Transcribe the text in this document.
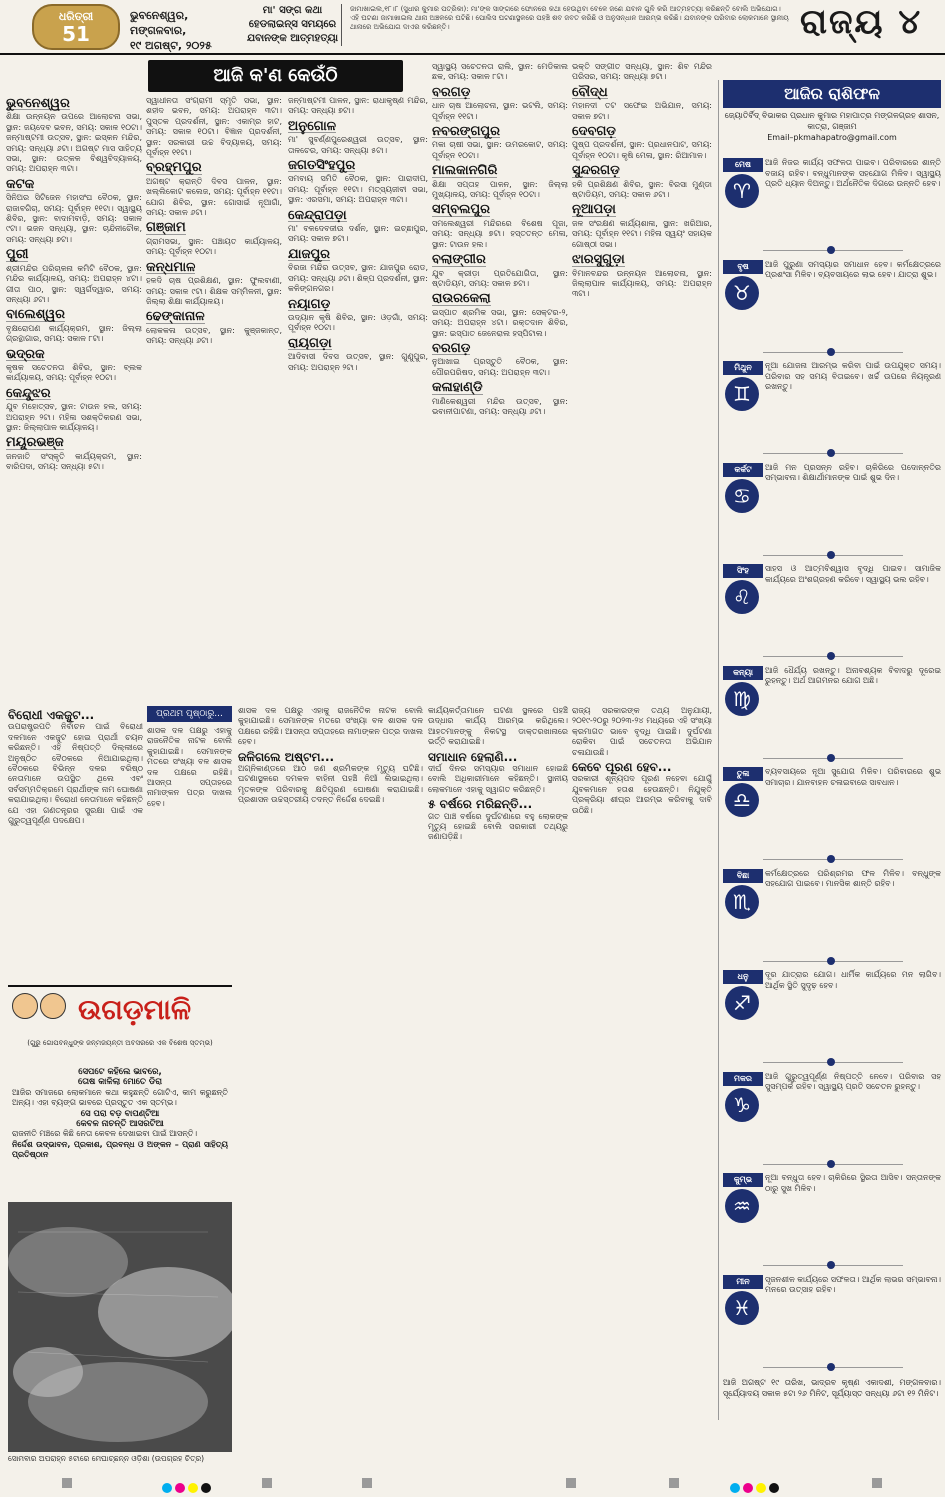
ଧରିତ୍ରୀ
51
ଭୁବନେଶ୍ୱର, ମଙ୍ଗଳବାର,
୧୯ ଅଗଷ୍ଟ, ୨୦୨୫
ମା' ସଙ୍ଗ କଥା
ହେଡଲାଇନ୍ସ ସମୟରେ
ଯବାନଙ୍କ ଆତ୍ମହତ୍ୟା
ଜାମାଖାଇଲ,୧୮।୮ (ସୁଧୀର କୁମାର ପତ୍ରିକା): ମା'ଙ୍କ ସାଙ୍ଗରେ ଫୋନରେ କଥା ହେଉଥିବା ବେଳେ ଜଣେ ଯବାନ ଗୁଳି କରି ଆତ୍ମହତ୍ୟା କରିଛନ୍ତି ବୋଲି ଅଭିଯୋଗ। ଏହି ଘଟଣା ଜାମାଖାଇଲ ଥାନା ଅଞ୍ଚଳରେ ଘଟିଛି। ପୋଲିସ ଘଟଣାସ୍ଥଳରେ ପହଞ୍ଚି ଶବ ଜବତ କରିଛି ଓ ଅନୁସନ୍ଧାନ ଆରମ୍ଭ କରିଛି। ଯବାନଙ୍କ ପରିବାର ଲୋକମାନେ ସ୍ଥାନୀୟ ଥାନାରେ ଅଭିଯୋଗ ଦାଏର କରିଛନ୍ତି।	ରାଜ୍ୟ ୪
ଆଜି କ'ଣ କେଉଁଠି
ଭୁବନେଶ୍ୱର

ଶିକ୍ଷା ଉନ୍ନୟନ ଉପରେ ଆଲୋଚନା ସଭା, ସ୍ଥାନ: ଜୟଦେବ ଭବନ, ସମୟ: ସକାଳ ୧୦ଟା। ଜନ୍ମାଷ୍ଟମୀ ଉତ୍ସବ, ସ୍ଥାନ: ଇସ୍କନ ମନ୍ଦିର, ସମୟ: ସନ୍ଧ୍ୟା ୬ଟା। ଅଗଷ୍ଟ ମାସ ସାହିତ୍ୟ ସଭା, ସ୍ଥାନ: ଉତ୍କଳ ବିଶ୍ୱବିଦ୍ୟାଳୟ, ସମୟ: ଅପରାହ୍ନ ୩ଟା।

କଟକ

ସିନିଅର ସିଟିଜେନ ମହାସଂଘ ବୈଠକ, ସ୍ଥାନ: ରାଜାବଗିଚା, ସମୟ: ପୂର୍ବାହ୍ନ ୧୧ଟା। ସ୍ୱାସ୍ଥ୍ୟ ଶିବିର, ସ୍ଥାନ: ବାଦାମବାଡ଼ି, ସମୟ: ସକାଳ ୯ଟା। ଭଜନ ସନ୍ଧ୍ୟା, ସ୍ଥାନ: ଚାନ୍ଦିନୀଚୌକ, ସମୟ: ସନ୍ଧ୍ୟା ୭ଟା।

ପୁରୀ

ଶ୍ରୀମନ୍ଦିର ପରିଚାଳନା କମିଟି ବୈଠକ, ସ୍ଥାନ: ମନ୍ଦିର କାର୍ଯ୍ୟାଳୟ, ସମୟ: ଅପରାହ୍ନ ୪ଟା। ଗୀତା ପାଠ, ସ୍ଥାନ: ସ୍ୱର୍ଗଦ୍ୱାର, ସମୟ: ସନ୍ଧ୍ୟା ୬ଟା।

ବାଲେଶ୍ୱର

ବୃକ୍ଷରୋପଣ କାର୍ଯ୍ୟକ୍ରମ, ସ୍ଥାନ: ଜିଲ୍ଲା ଗ୍ରନ୍ଥାଗାର, ସମୟ: ସକାଳ ୮ଟା।

ଭଦ୍ରକ

କୃଷକ ସଚେତନତା ଶିବିର, ସ୍ଥାନ: ବ୍ଲକ କାର୍ଯ୍ୟାଳୟ, ସମୟ: ପୂର୍ବାହ୍ନ ୧୦ଟା।

କେନ୍ଦୁଝର

ଯୁବ ମହୋତ୍ସବ, ସ୍ଥାନ: ଟାଉନ ହଲ, ସମୟ: ଅପରାହ୍ନ ୨ଟା। ମହିଳା ସଶକ୍ତିକରଣ ସଭା, ସ୍ଥାନ: ଜିଲ୍ଲାପାଳ କାର୍ଯ୍ୟାଳୟ।

ମୟୂରଭଞ୍ଜ

ଜନଜାତି ସଂସ୍କୃତି କାର୍ଯ୍ୟକ୍ରମ, ସ୍ଥାନ: ବାରିପଦା, ସମୟ: ସନ୍ଧ୍ୟା ୫ଟା।

ସ୍ୱାଧୀନତା ସଂଗ୍ରାମୀ ସ୍ମୃତି ସଭା, ସ୍ଥାନ: ଶହୀଦ ଭବନ, ସମୟ: ଅପରାହ୍ନ ୩ଟା। ପୁସ୍ତକ ପ୍ରଦର୍ଶନୀ, ସ୍ଥାନ: ଏକାମ୍ର ହାଟ, ସମୟ: ସକାଳ ୧୦ଟା। ବିଜ୍ଞାନ ପ୍ରଦର୍ଶନୀ, ସ୍ଥାନ: ସରକାରୀ ଉଚ୍ଚ ବିଦ୍ୟାଳୟ, ସମୟ: ପୂର୍ବାହ୍ନ ୧୧ଟା।

ବ୍ରହ୍ମପୁର

ଅଗଷ୍ଟ କ୍ରାନ୍ତି ଦିବସ ପାଳନ, ସ୍ଥାନ: ଖଲ୍ଲିକୋଟ କଲେଜ, ସମୟ: ପୂର୍ବାହ୍ନ ୧୧ଟା। ଯୋଗ ଶିବିର, ସ୍ଥାନ: ଗୋସାଇଁ ନୂଆଗାଁ, ସମୟ: ସକାଳ ୬ଟା।

ଗଞ୍ଜାମ

ଗ୍ରାମସଭା, ସ୍ଥାନ: ପଞ୍ଚାୟତ କାର୍ଯ୍ୟାଳୟ, ସମୟ: ପୂର୍ବାହ୍ନ ୧୦ଟା।

କନ୍ଧମାଳ

ହଳଦି ଚାଷ ପ୍ରଶିକ୍ଷଣ, ସ୍ଥାନ: ଫୁଲବାଣୀ, ସମୟ: ସକାଳ ୯ଟା। ଶିକ୍ଷକ ସମ୍ମିଳନୀ, ସ୍ଥାନ: ଜିଲ୍ଲା ଶିକ୍ଷା କାର୍ଯ୍ୟାଳୟ।

ଢେଙ୍କାନାଳ

ଲୋକକଳା ଉତ୍ସବ, ସ୍ଥାନ: କୁଞ୍ଜକାନ୍ତ, ସମୟ: ସନ୍ଧ୍ୟା ୬ଟା।

ଜନ୍ମାଷ୍ଟମୀ ପାଳନ, ସ୍ଥାନ: ରାଧାକୃଷ୍ଣ ମନ୍ଦିର, ସମୟ: ସନ୍ଧ୍ୟା ୭ଟା।

ଅନୁଗୋଳ

ମା' ସୁବର୍ଣ୍ଣପୁରେଶ୍ୱରୀ ଉତ୍ସବ, ସ୍ଥାନ: ତାଳଚେର, ସମୟ: ସନ୍ଧ୍ୟା ୫ଟା।

ଜଗତସିଂହପୁର

ସମବାୟ ସମିତି ବୈଠକ, ସ୍ଥାନ: ପାରାଦୀପ, ସମୟ: ପୂର୍ବାହ୍ନ ୧୧ଟା। ମତ୍ସ୍ୟଜୀବୀ ସଭା, ସ୍ଥାନ: ଏରସମା, ସମୟ: ଅପରାହ୍ନ ୩ଟା।

କେନ୍ଦ୍ରାପଡ଼ା

ମା' ବଳଦେବଜୀଉ ଦର୍ଶନ, ସ୍ଥାନ: ଇଚ୍ଛାପୁର, ସମୟ: ସକାଳ ୭ଟା।

ଯାଜପୁର

ବିରଜା ମନ୍ଦିର ଉତ୍ସବ, ସ୍ଥାନ: ଯାଜପୁର ରୋଡ, ସମୟ: ସନ୍ଧ୍ୟା ୬ଟା। ଶିଳ୍ପ ପ୍ରଦର୍ଶନୀ, ସ୍ଥାନ: କଳିଙ୍ଗନଗର।

ନୟାଗଡ଼

ଉଦ୍ୟାନ କୃଷି ଶିବିର, ସ୍ଥାନ: ଓଡ଼଼ଗାଁ, ସମୟ: ପୂର୍ବାହ୍ନ ୧୦ଟା।

ରାୟଗଡ଼ା

ଆଦିବାସୀ ଦିବସ ଉତ୍ସବ, ସ୍ଥାନ: ଗୁଣୁପୁର, ସମୟ: ଅପରାହ୍ନ ୨ଟା।

ସ୍ୱାସ୍ଥ୍ୟ ସଚେତନତା ରାଲି, ସ୍ଥାନ: ମେଡିକାଲ ଛକ, ସମୟ: ସକାଳ ୮ଟା।

ବରଗଡ଼

ଧାନ ଚାଷ ଆଲୋଚନା, ସ୍ଥାନ: ଭଟଲି, ସମୟ: ପୂର୍ବାହ୍ନ ୧୧ଟା।

ନବରଙ୍ଗପୁର

ମକା ଚାଷୀ ସଭା, ସ୍ଥାନ: ଉମରକୋଟ, ସମୟ: ପୂର୍ବାହ୍ନ ୧୦ଟା।

ମାଲକାନଗିରି

ଶିକ୍ଷା ସପ୍ତାହ ପାଳନ, ସ୍ଥାନ: ଜିଲ୍ଲା ମୁଖ୍ୟାଳୟ, ସମୟ: ପୂର୍ବାହ୍ନ ୧୦ଟା।

ସମ୍ବଲପୁର

ସମଲେଶ୍ୱରୀ ମନ୍ଦିରରେ ବିଶେଷ ପୂଜା, ସମୟ: ସନ୍ଧ୍ୟା ୭ଟା। ହସ୍ତତନ୍ତ ମେଳା, ସ୍ଥାନ: ଟାଉନ ହଲ।

ବଲାଙ୍ଗୀର

ଯୁବ କ୍ରୀଡ଼ା ପ୍ରତିଯୋଗିତା, ସ୍ଥାନ: ଷ୍ଟାଡିୟମ, ସମୟ: ସକାଳ ୭ଟା।

ରାଉରକେଲା

ଇସ୍ପାତ ଶ୍ରମିକ ସଭା, ସ୍ଥାନ: ସେକ୍ଟର-୨, ସମୟ: ଅପରାହ୍ନ ୪ଟା। ରକ୍ତଦାନ ଶିବିର, ସ୍ଥାନ: ଇସ୍ପାତ ଜେନେରାଲ ହସ୍ପିଟାଲ।

ବରଗଡ଼

ନୁଆଖାଇ ପ୍ରସ୍ତୁତି ବୈଠକ, ସ୍ଥାନ: ପୌରପରିଷଦ, ସମୟ: ଅପରାହ୍ନ ୩ଟା।

କଳାହାଣ୍ଡି

ମାଣିକେଶ୍ୱରୀ ମନ୍ଦିର ଉତ୍ସବ, ସ୍ଥାନ: ଭବାନୀପାଟଣା, ସମୟ: ସନ୍ଧ୍ୟା ୬ଟା।

ଭକ୍ତି ସଙ୍ଗୀତ ସନ୍ଧ୍ୟା, ସ୍ଥାନ: ଶିବ ମନ୍ଦିର ପରିସର, ସମୟ: ସନ୍ଧ୍ୟା ୭ଟା।

ବୌଦ୍ଧ

ମହାନଦୀ ତଟ ସଫେଇ ଅଭିଯାନ, ସମୟ: ସକାଳ ୭ଟା।

ଦେବଗଡ଼

ପୁଷ୍ପ ପ୍ରଦର୍ଶନୀ, ସ୍ଥାନ: ପ୍ରଧାନପାଟ, ସମୟ: ପୂର୍ବାହ୍ନ ୧୦ଟା। କୃଷି ମେଳା, ସ୍ଥାନ: ରିଆମାଳ।

ସୁନ୍ଦରଗଡ଼

ହକି ପ୍ରଶିକ୍ଷଣ ଶିବିର, ସ୍ଥାନ: ବିରସା ମୁଣ୍ଡା ଷ୍ଟାଡିୟମ, ସମୟ: ସକାଳ ୬ଟା।

ନୂଆପଡ଼ା

ଜଳ ସଂରକ୍ଷଣ କାର୍ଯ୍ୟଶାଳା, ସ୍ଥାନ: ଖରିଆର, ସମୟ: ପୂର୍ବାହ୍ନ ୧୧ଟା। ମହିଳା ସ୍ୱୟଂ ସହାୟକ ଗୋଷ୍ଠୀ ସଭା।

ଝାରସୁଗୁଡ଼ା

ବିମାନବନ୍ଦର ଉନ୍ନୟନ ଆଲୋଚନା, ସ୍ଥାନ: ଜିଲ୍ଲାପାଳ କାର୍ଯ୍ୟାଳୟ, ସମୟ: ଅପରାହ୍ନ ୩ଟା।

ଆଜିର ରାଶିଫଳ
ଜ୍ୟୋତିର୍ବିଦ୍ ବିଭାକର ପ୍ରଧାନ କୁମାର ମହାପାତ୍ର ମଙ୍ଗଳଗ୍ରହ ଶାସନ, କାତ୍ରା, ଗଞ୍ଜାମ
Email–pkmahapatro@gmail.com
ମେଷ
♈
ଆଜି ନିଜର କାର୍ଯ୍ୟ ସଫଳତା ପାଇବ। ପରିବାରରେ ଶାନ୍ତି ବଜାୟ ରହିବ। ବନ୍ଧୁମାନଙ୍କ ସହଯୋଗ ମିଳିବ। ସ୍ୱାସ୍ଥ୍ୟ ପ୍ରତି ଧ୍ୟାନ ଦିଅନ୍ତୁ। ଅର୍ଥନୈତିକ ଦିଗରେ ଉନ୍ନତି ହେବ।
ବୃଷ
♉
ଆଜି ପୁରୁଣା ସମସ୍ୟାର ସମାଧାନ ହେବ। କର୍ମକ୍ଷେତ୍ରରେ ପ୍ରଶଂସା ମିଳିବ। ବ୍ୟବସାୟରେ ଲାଭ ହେବ। ଯାତ୍ରା ଶୁଭ।
ମିଥୁନ
♊
ନୂଆ ଯୋଜନା ଆରମ୍ଭ କରିବା ପାଇଁ ଉପଯୁକ୍ତ ସମୟ। ପରିବାର ସହ ସମୟ ବିତାଇବେ। ଖର୍ଚ୍ଚ ଉପରେ ନିୟନ୍ତ୍ରଣ ରଖନ୍ତୁ।
କର୍କଟ
♋
ଆଜି ମନ ପ୍ରସନ୍ନ ରହିବ। ଚାକିରିରେ ପଦୋନ୍ନତିର ସମ୍ଭାବନା। ଶିକ୍ଷାର୍ଥୀମାନଙ୍କ ପାଇଁ ଶୁଭ ଦିନ।
ସିଂହ
♌
ସାହସ ଓ ଆତ୍ମବିଶ୍ୱାସ ବୃଦ୍ଧି ପାଇବ। ସାମାଜିକ କାର୍ଯ୍ୟରେ ଅଂଶଗ୍ରହଣ କରିବେ। ସ୍ୱାସ୍ଥ୍ୟ ଭଲ ରହିବ।
କନ୍ୟା
♍
ଆଜି ଧୈର୍ଯ୍ୟ ରଖନ୍ତୁ। ଅନାବଶ୍ୟକ ବିବାଦରୁ ଦୂରେଇ ରୁହନ୍ତୁ। ଅର୍ଥ ଆଗମନର ଯୋଗ ଅଛି।
ତୁଳା
♎
ବ୍ୟବସାୟରେ ନୂଆ ସୁଯୋଗ ମିଳିବ। ପରିବାରରେ ଶୁଭ ସମାଚାର। ଯାନବାହନ ଚଳାଇବାରେ ସାବଧାନ।
ବିଛା
♏
କର୍ମକ୍ଷେତ୍ରରେ ପରିଶ୍ରମର ଫଳ ମିଳିବ। ବନ୍ଧୁଙ୍କ ସହଯୋଗ ପାଇବେ। ମାନସିକ ଶାନ୍ତି ରହିବ।
ଧନୁ
♐
ଦୂର ଯାତ୍ରାର ଯୋଗ। ଧାର୍ମିକ କାର୍ଯ୍ୟରେ ମନ ଲାଗିବ। ଆର୍ଥିକ ସ୍ଥିତି ସୁଦୃଢ଼ ହେବ।
ମକର
♑
ଆଜି ଗୁରୁତ୍ୱପୂର୍ଣ୍ଣ ନିଷ୍ପତ୍ତି ନେବେ। ପରିବାର ସହ ସୁସମ୍ପର୍କ ରହିବ। ସ୍ୱାସ୍ଥ୍ୟ ପ୍ରତି ସଚେତନ ରୁହନ୍ତୁ।
କୁମ୍ଭ
♒
ନୂଆ ବନ୍ଧୁତା ହେବ। ଚାକିରିରେ ସ୍ଥିରତା ଆସିବ। ସନ୍ତାନଙ୍କ ଠାରୁ ସୁଖ ମିଳିବ।
ମୀନ
♓
ସୃଜନଶୀଳ କାର୍ଯ୍ୟରେ ସଫଳତା। ଆର୍ଥିକ ଲାଭର ସମ୍ଭାବନା। ମନରେ ଉତ୍ସାହ ରହିବ।
ଆଜି ଅଗଷ୍ଟ ୧୯ ତାରିଖ, ଭାଦ୍ରବ କୃଷ୍ଣ ଏକାଦଶୀ, ମଙ୍ଗଳବାର। ସୂର୍ଯ୍ୟୋଦୟ ସକାଳ ୫ଟା ୨୬ ମିନିଟ, ସୂର୍ଯ୍ୟାସ୍ତ ସନ୍ଧ୍ୟା ୬ଟା ୧୨ ମିନିଟ।
ବିରୋଧୀ ଏକଜୁଟ...

ଉପରାଷ୍ଟ୍ରପତି ନିର୍ବାଚନ ପାଇଁ ବିରୋଧୀ ଦଳମାନେ ଏକଜୁଟ ହୋଇ ପ୍ରାର୍ଥୀ ଚୟନ କରିଛନ୍ତି। ଏହି ନିଷ୍ପତ୍ତି ଦିଲ୍ଲୀରେ ଅନୁଷ୍ଠିତ ବୈଠକରେ ନିଆଯାଇଥିଲା। ବୈଠକରେ ବିଭିନ୍ନ ଦଳର ବରିଷ୍ଠ ନେତାମାନେ ଉପସ୍ଥିତ ଥିଲେ ଏବଂ ସର୍ବସମ୍ମତିକ୍ରମେ ପ୍ରାର୍ଥୀଙ୍କ ନାମ ଘୋଷଣା କରାଯାଇଥିଲା। ବିରୋଧୀ ନେତାମାନେ କହିଛନ୍ତି ଯେ ଏହା ଗଣତନ୍ତ୍ରର ସୁରକ୍ଷା ପାଇଁ ଏକ ଗୁରୁତ୍ୱପୂର୍ଣ୍ଣ ପଦକ୍ଷେପ।

ପ୍ରଥମ ପୃଷ୍ଠାରୁ...

ଶାସକ ଦଳ ପକ୍ଷରୁ ଏହାକୁ ରାଜନୈତିକ ନାଟକ ବୋଲି କୁହାଯାଇଛି। ସେମାନଙ୍କ ମତରେ ସଂଖ୍ୟା ବଳ ଶାସକ ଦଳ ପକ୍ଷରେ ରହିଛି। ଆସନ୍ତା ସପ୍ତାହରେ ନାମାଙ୍କନ ପତ୍ର ଦାଖଲ ହେବ।

ଶାସକ ଦଳ ପକ୍ଷରୁ ଏହାକୁ ରାଜନୈତିକ ନାଟକ ବୋଲି କୁହାଯାଇଛି। ସେମାନଙ୍କ ମତରେ ସଂଖ୍ୟା ବଳ ଶାସକ ଦଳ ପକ୍ଷରେ ରହିଛି। ଆସନ୍ତା ସପ୍ତାହରେ ନାମାଙ୍କନ ପତ୍ର ଦାଖଲ ହେବ।

ଜଳିଗଲେ ଅଷ୍ଟମ...

ଅଗ୍ନିକାଣ୍ଡରେ ଆଠ ଜଣ ଶ୍ରମିକଙ୍କ ମୃତ୍ୟୁ ଘଟିଛି। ଘଟଣାସ୍ଥଳରେ ଦମକଳ ବାହିନୀ ପହଞ୍ଚି ନିଆଁ ଲିଭାଇଥିଲା। ମୃତକଙ୍କ ପରିବାରକୁ କ୍ଷତିପୂରଣ ଘୋଷଣା କରାଯାଇଛି। ପ୍ରଶାସନ ଉଚ୍ଚସ୍ତରୀୟ ତଦନ୍ତ ନିର୍ଦ୍ଦେଶ ଦେଇଛି।

କାର୍ଯ୍ୟକର୍ତ୍ତାମାନେ ଘଟଣା ସ୍ଥଳରେ ପହଞ୍ଚି ଉଦ୍ଧାର କାର୍ଯ୍ୟ ଆରମ୍ଭ କରିଥିଲେ। ଆହତମାନଙ୍କୁ ନିକଟସ୍ଥ ଡାକ୍ତରଖାନାରେ ଭର୍ତ୍ତି କରାଯାଇଛି।

ସମାଧାନ ହେଲାଣି...

ଦୀର୍ଘ ଦିନର ସମସ୍ୟାର ସମାଧାନ ହୋଇଛି ବୋଲି ଅଧିକାରୀମାନେ କହିଛନ୍ତି। ସ୍ଥାନୀୟ ଲୋକମାନେ ଏହାକୁ ସ୍ୱାଗତ କରିଛନ୍ତି।

୫ ବର୍ଷରେ ମରିଛନ୍ତି...

ଗତ ପାଞ୍ଚ ବର୍ଷରେ ଦୁର୍ଘଟଣାରେ ବହୁ ଲୋକଙ୍କ ମୃତ୍ୟୁ ହୋଇଛି ବୋଲି ସରକାରୀ ତଥ୍ୟରୁ ଜଣାପଡ଼ିଛି।

ରାଜ୍ୟ ସରକାରଙ୍କ ତଥ୍ୟ ଅନୁଯାୟୀ, ୨୦୧୯-୨୦ରୁ ୨୦୨୩-୨୪ ମଧ୍ୟରେ ଏହି ସଂଖ୍ୟା କ୍ରମାଗତ ଭାବେ ବୃଦ୍ଧି ପାଇଛି। ଦୁର୍ଘଟଣା ରୋକିବା ପାଇଁ ସଚେତନତା ଅଭିଯାନ ଚଳାଯାଉଛି।

କେବେ ପୂରଣ ହେବ...

ସରକାରୀ ଶୂନ୍ୟପଦ ପୂରଣ ନହେବା ଯୋଗୁଁ ଯୁବକମାନେ ହତାଶ ହେଉଛନ୍ତି। ନିଯୁକ୍ତି ପ୍ରକ୍ରିୟା ଶୀଘ୍ର ଆରମ୍ଭ କରିବାକୁ ଦାବି ଉଠିଛି।

ଉଗଡ଼ମାଳି
(ଗୁରୁ ଗୋପବନ୍ଧୁଙ୍କ ଜନ୍ମଜୟନ୍ତୀ ଅବସରରେ ଏକ ବିଶେଷ ସ୍ତମ୍ଭ)
ସେପଟେ କହିଲେ ଭାବରେ,
ତୋଷ କାଳିଲା ମୋତେ ଡିରା

ଆଜିର ସମାଜରେ ଲୋକମାନେ କଥା କହୁଛନ୍ତି ଗୋଟିଏ, କାମ କରୁଛନ୍ତି ଅନ୍ୟ। ଏହା ବ୍ୟଙ୍ଗ ଭାବରେ ପ୍ରସ୍ତୁତ ଏକ ସ୍ତମ୍ଭ।

ସେ ପରା ବଡ଼ ବାପଣ୍ଟିଆ
କେବଳ ନାଚନ୍ତି ଆସରଟିଆ

ରାଜନୀତି ମଞ୍ଚରେ କିଛି ନେତା କେବଳ ଦେଖାଇବା ପାଇଁ ଆସନ୍ତି।

ନିର୍ଦ୍ଦେଶ ଉଦ୍ଭାବନ, ପ୍ରକାଶ, ପ୍ରବନ୍ଧ ଓ ଅଙ୍କନ – ପ୍ରାଣ ସାହିତ୍ୟ ପ୍ରତିଷ୍ଠାନ

ସୋମବାର ଅପରାହ୍ନ ୫ଟାରେ ମେଘାଚ୍ଛନ୍ନ ଓଡ଼ିଶା (ଉପଗ୍ରହ ଚିତ୍ର)
